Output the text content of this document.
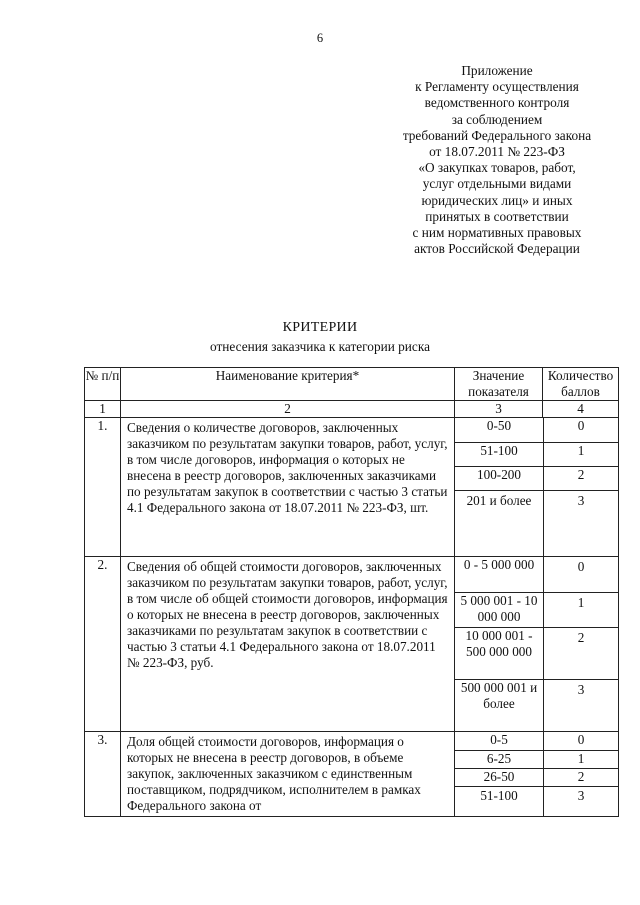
6
Приложение
к Регламенту осуществления
ведомственного контроля
за соблюдением
требований Федерального закона
от 18.07.2011 № 223-ФЗ
«О закупках товаров, работ,
услуг отдельными видами
юридических лиц» и иных
принятых в соответствии
с ним нормативных правовых
актов Российской Федерации
КРИТЕРИИ
отнесения заказчика к категории риска
№ п/п	Наименование критерия*	Значение показателя	Количество баллов
1	2	3	4
1.	Сведения о количестве договоров, заключенных заказчиком по результатам закупки товаров, работ, услуг, в том числе договоров, информация о которых не внесена в реестр договоров, заключенных заказчиками по результатам закупок в соответствии с частью 3 статьи 4.1 Федерального закона от 18.07.2011 № 223-ФЗ, шт.	
0-50	0
51-100	1
100-200	2
201 и более	3

2.	Сведения об общей стоимости договоров, заключенных заказчиком по результатам закупки товаров, работ, услуг, в том числе об общей стоимости договоров, информация о которых не внесена в реестр договоров, заключенных заказчиками по результатам закупок в соответствии с частью 3 статьи 4.1 Федерального закона от 18.07.2011 № 223-ФЗ, руб.	
0 - 5 000 000	0
5 000 001 - 10 000 000	1
10 000 001 - 500 000 000	2
500 000 001 и более	3

3.	Доля общей стоимости договоров, информация о которых не внесена в реестр договоров, в объеме закупок, заключенных заказчиком с единственным поставщиком, подрядчиком, исполнителем в рамках Федерального закона от	
0-5	0
6-25	1
26-50	2
51-100	3
